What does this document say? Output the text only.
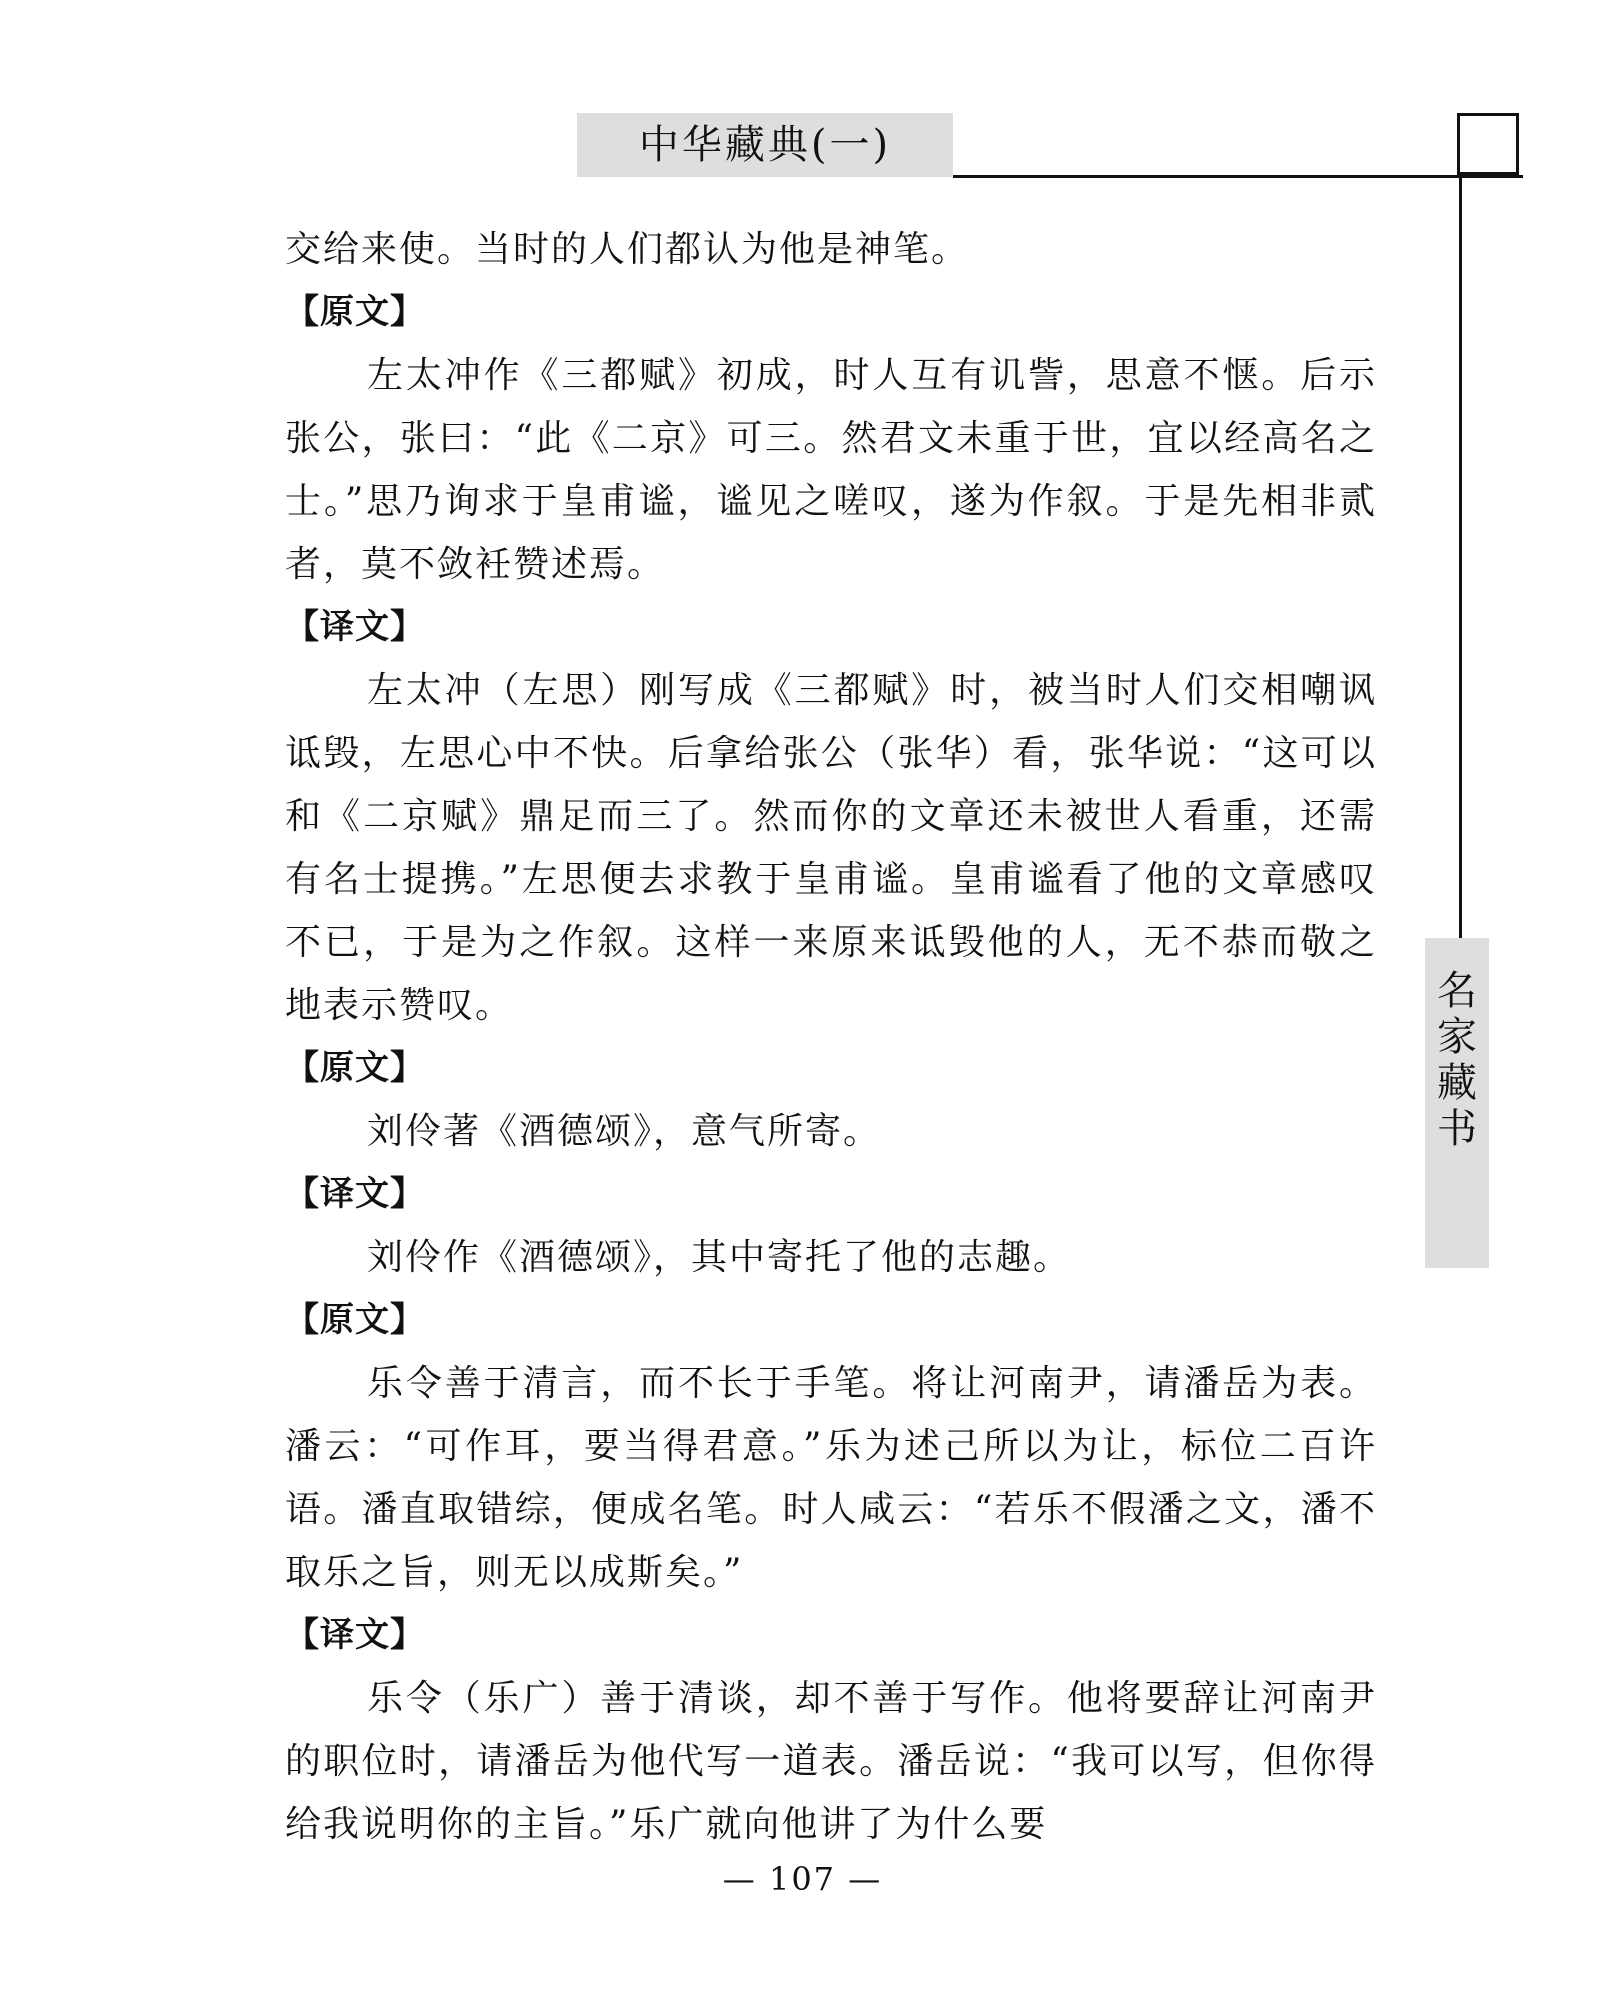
中华藏典(一)
名
家
藏
书

交给来使。当时的人们都认为他是神笔。

【原文】

左太冲作《三都赋》初成，时人互有讥訾，思意不惬。后示张公，张曰：“此《二京》可三。然君文未重于世，宜以经高名之士。”思乃询求于皇甫谧，谧见之嗟叹，遂为作叙。于是先相非贰者，莫不敛衽赞述焉。

【译文】

左太冲（左思）刚写成《三都赋》时，被当时人们交相嘲讽诋毁，左思心中不快。后拿给张公（张华）看，张华说：“这可以和《二京赋》鼎足而三了。然而你的文章还未被世人看重，还需有名士提携。”左思便去求教于皇甫谧。皇甫谧看了他的文章感叹不已，于是为之作叙。这样一来原来诋毁他的人，无不恭而敬之地表示赞叹。

【原文】

刘伶著《酒德颂》，意气所寄。

【译文】

刘伶作《酒德颂》，其中寄托了他的志趣。

【原文】

乐令善于清言，而不长于手笔。将让河南尹，请潘岳为表。潘云：“可作耳，要当得君意。”乐为述己所以为让，标位二百许语。潘直取错综，便成名笔。时人咸云：“若乐不假潘之文，潘不取乐之旨，则无以成斯矣。”

【译文】

乐令（乐广）善于清谈，却不善于写作。他将要辞让河南尹的职位时，请潘岳为他代写一道表。潘岳说：“我可以写，但你得给我说明你的主旨。”乐广就向他讲了为什么要

— 107 —
